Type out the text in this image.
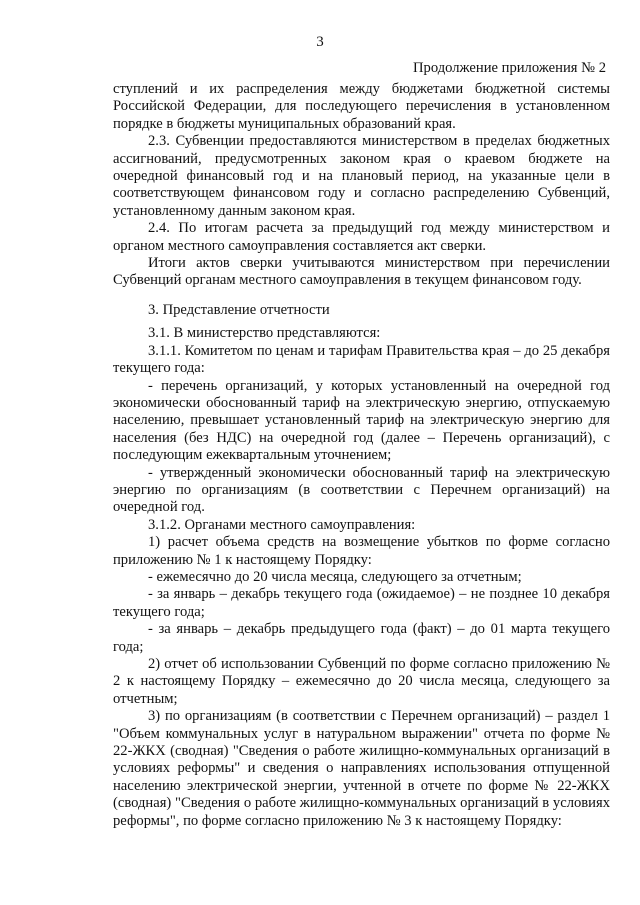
3
Продолжение приложения № 2

ступлений и их распределения между бюджетами бюджетной системы Российской Федерации, для последующего перечисления в установленном порядке в бюджеты муниципальных образований края.

2.3. Субвенции предоставляются министерством в пределах бюджетных ассигнований, предусмотренных законом края о краевом бюджете на очередной финансовый год и на плановый период, на указанные цели в соответствующем финансовом году и согласно распределению Субвенций, установленному данным законом края.

2.4. По итогам расчета за предыдущий год между министерством и органом местного самоуправления составляется акт сверки.

Итоги актов сверки учитываются министерством при перечислении Субвенций органам местного самоуправления в текущем финансовом году.

3. Представление отчетности

3.1. В министерство представляются:

3.1.1. Комитетом по ценам и тарифам Правительства края – до 25 декабря текущего года:

- перечень организаций, у которых установленный на очередной год экономически обоснованный тариф на электрическую энергию, отпускаемую населению, превышает установленный тариф на электрическую энергию для населения (без НДС) на очередной год (далее – Перечень организаций), с последующим ежеквартальным уточнением;

- утвержденный экономически обоснованный тариф на электрическую энергию по организациям (в соответствии с Перечнем организаций) на очередной год.

3.1.2. Органами местного самоуправления:

1) расчет объема средств на возмещение убытков по форме согласно приложению № 1 к настоящему Порядку:

- ежемесячно до 20 числа месяца, следующего за отчетным;

- за январь – декабрь текущего года (ожидаемое) – не позднее 10 декабря текущего года;

- за январь – декабрь предыдущего года (факт) – до 01 марта текущего года;

2) отчет об использовании Субвенций по форме согласно приложению № 2 к настоящему Порядку – ежемесячно до 20 числа месяца, следующего за отчетным;

3) по организациям (в соответствии с Перечнем организаций) – раздел 1 "Объем коммунальных услуг в натуральном выражении" отчета по форме № 22-ЖКХ (сводная) "Сведения о работе жилищно-коммунальных организаций в условиях реформы" и сведения о направлениях использования отпущенной населению электрической энергии, учтенной в отчете по форме № 22-ЖКХ (сводная) "Сведения о работе жилищно-коммунальных организаций в условиях реформы", по форме согласно приложению № 3 к настоящему Порядку:
